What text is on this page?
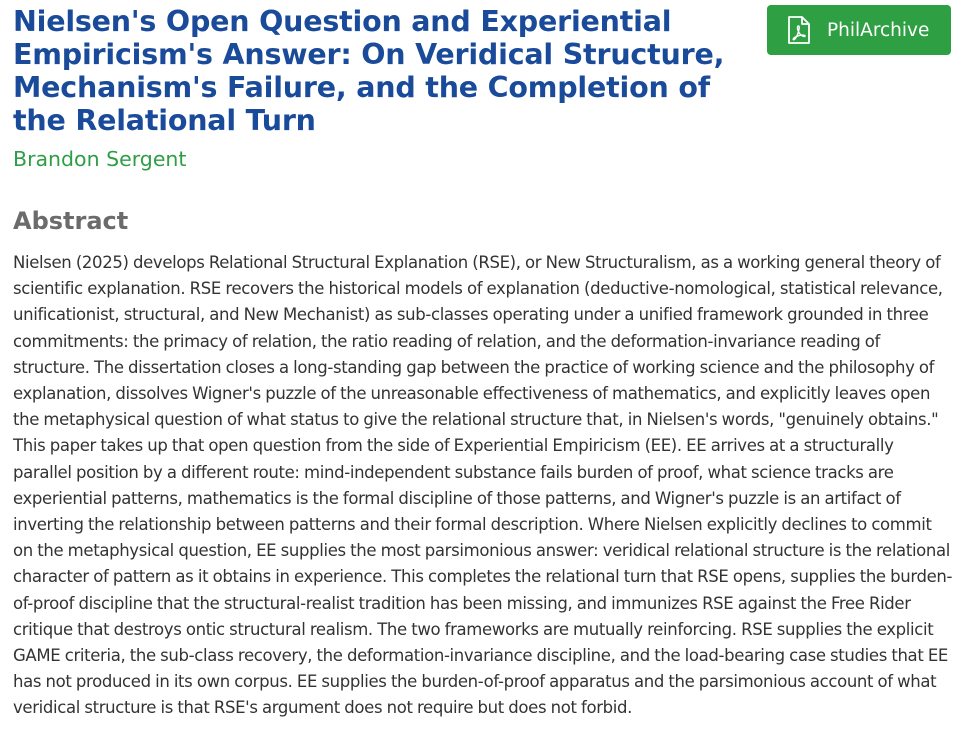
Nielsen's Open Question and Experiential Empiricism's Answer: On Veridical Structure, Mechanism's Failure, and the Completion of the Relational Turn
Brandon Sergent
PhilArchive
Abstract

Nielsen (2025) develops Relational Structural Explanation (RSE), or New Structuralism, as a working general theory of scientific explanation. RSE recovers the historical models of explanation (deductive-nomological, statistical relevance, unificationist, structural, and New Mechanist) as sub-classes operating under a unified framework grounded in three commitments: the primacy of relation, the ratio reading of relation, and the deformation-invariance reading of structure. The dissertation closes a long-standing gap between the practice of working science and the philosophy of explanation, dissolves Wigner's puzzle of the unreasonable effectiveness of mathematics, and explicitly leaves open the metaphysical question of what status to give the relational structure that, in Nielsen's words, "genuinely obtains." This paper takes up that open question from the side of Experiential Empiricism (EE). EE arrives at a structurally parallel position by a different route: mind-independent substance fails burden of proof, what science tracks are experiential patterns, mathematics is the formal discipline of those patterns, and Wigner's puzzle is an artifact of inverting the relationship between patterns and their formal description. Where Nielsen explicitly declines to commit on the metaphysical question, EE supplies the most parsimonious answer: veridical relational structure is the relational character of pattern as it obtains in experience. This completes the relational turn that RSE opens, supplies the burden-of-proof discipline that the structural-realist tradition has been missing, and immunizes RSE against the Free Rider critique that destroys ontic structural realism. The two frameworks are mutually reinforcing. RSE supplies the explicit GAME criteria, the sub-class recovery, the deformation-invariance discipline, and the load-bearing case studies that EE has not produced in its own corpus. EE supplies the burden-of-proof apparatus and the parsimonious account of what veridical structure is that RSE's argument does not require but does not forbid.
